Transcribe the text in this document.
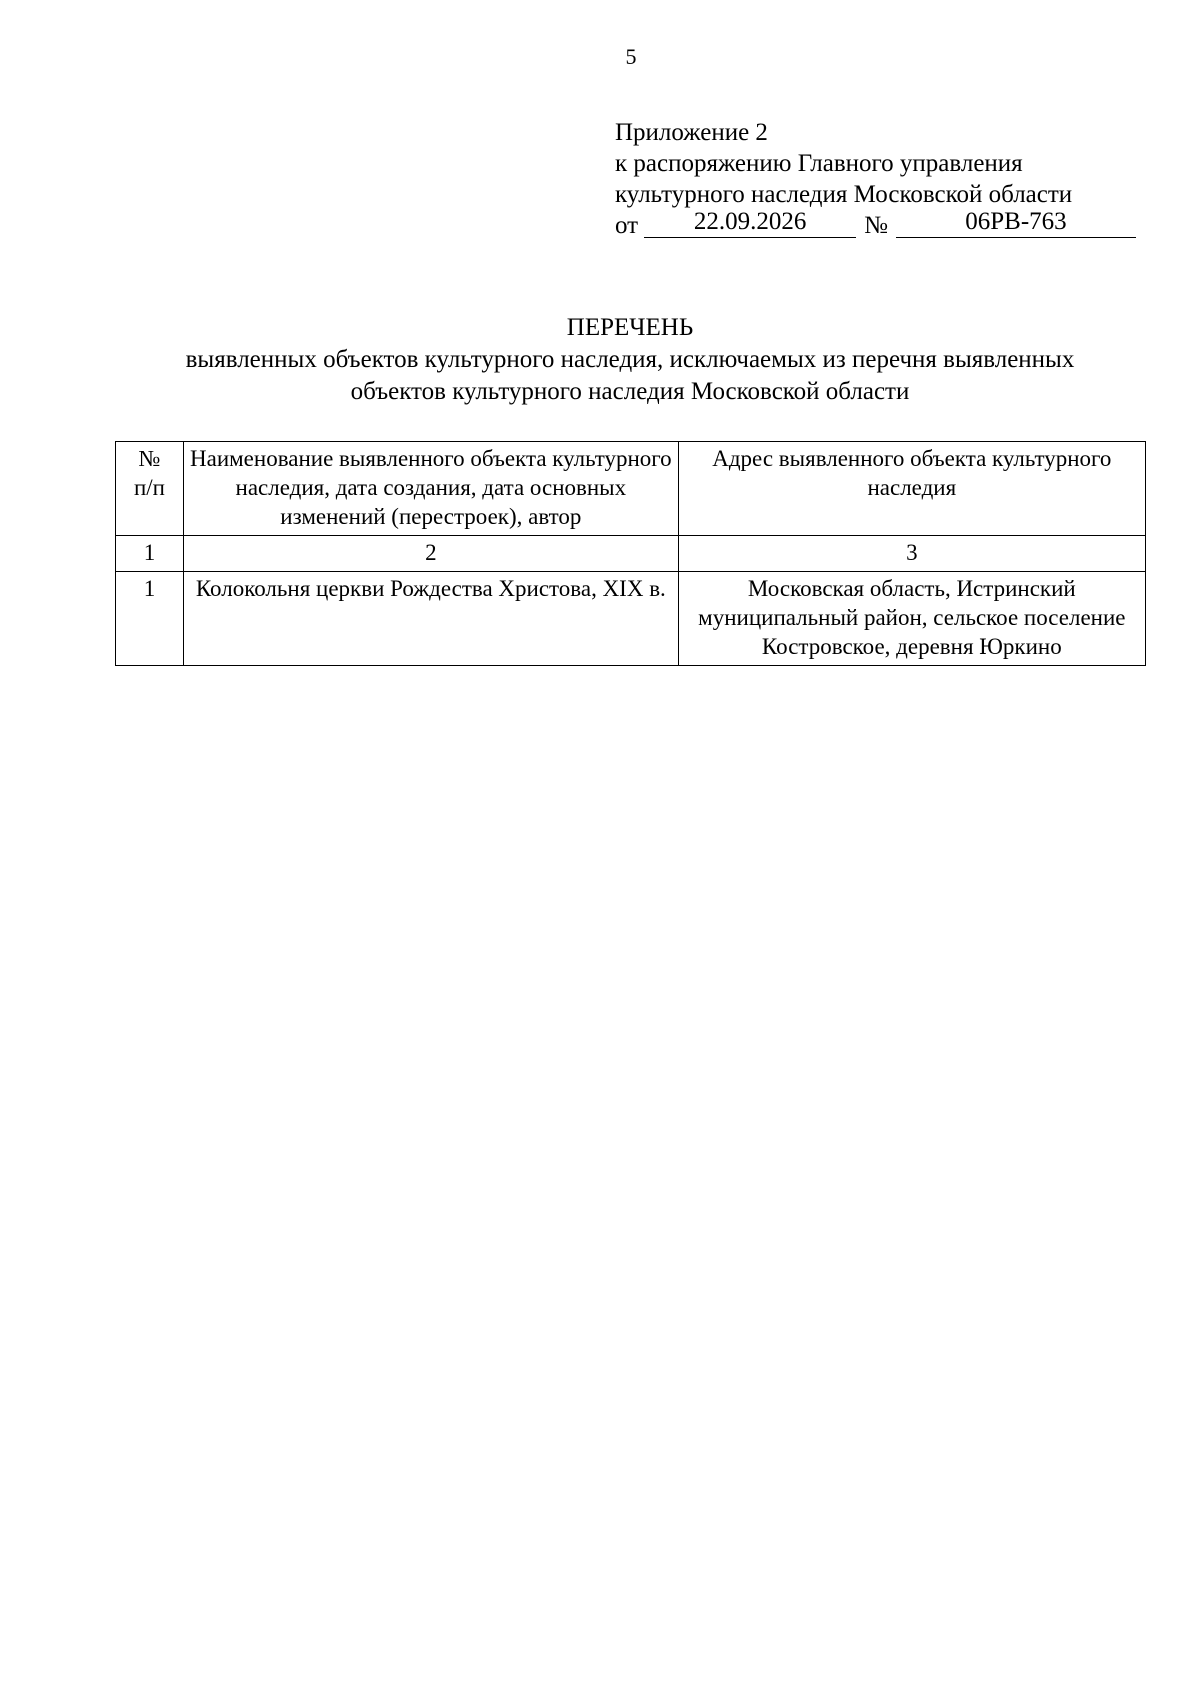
5
Приложение 2
к распоряжению Главного управления
культурного наследия Московской области
от	22.09.2026	№	06РВ-763
ПЕРЕЧЕНЬ
выявленных объектов культурного наследия, исключаемых из перечня выявленных
объектов культурного наследия Московской области
№
п/п	Наименование выявленного объекта культурного наследия, дата создания, дата основных изменений (перестроек), автор	Адрес выявленного объекта культурного наследия
1	2	3
1	Колокольня церкви Рождества Христова, XIX в.	Московская область, Истринский муниципальный район, сельское поселение Костровское, деревня Юркино
